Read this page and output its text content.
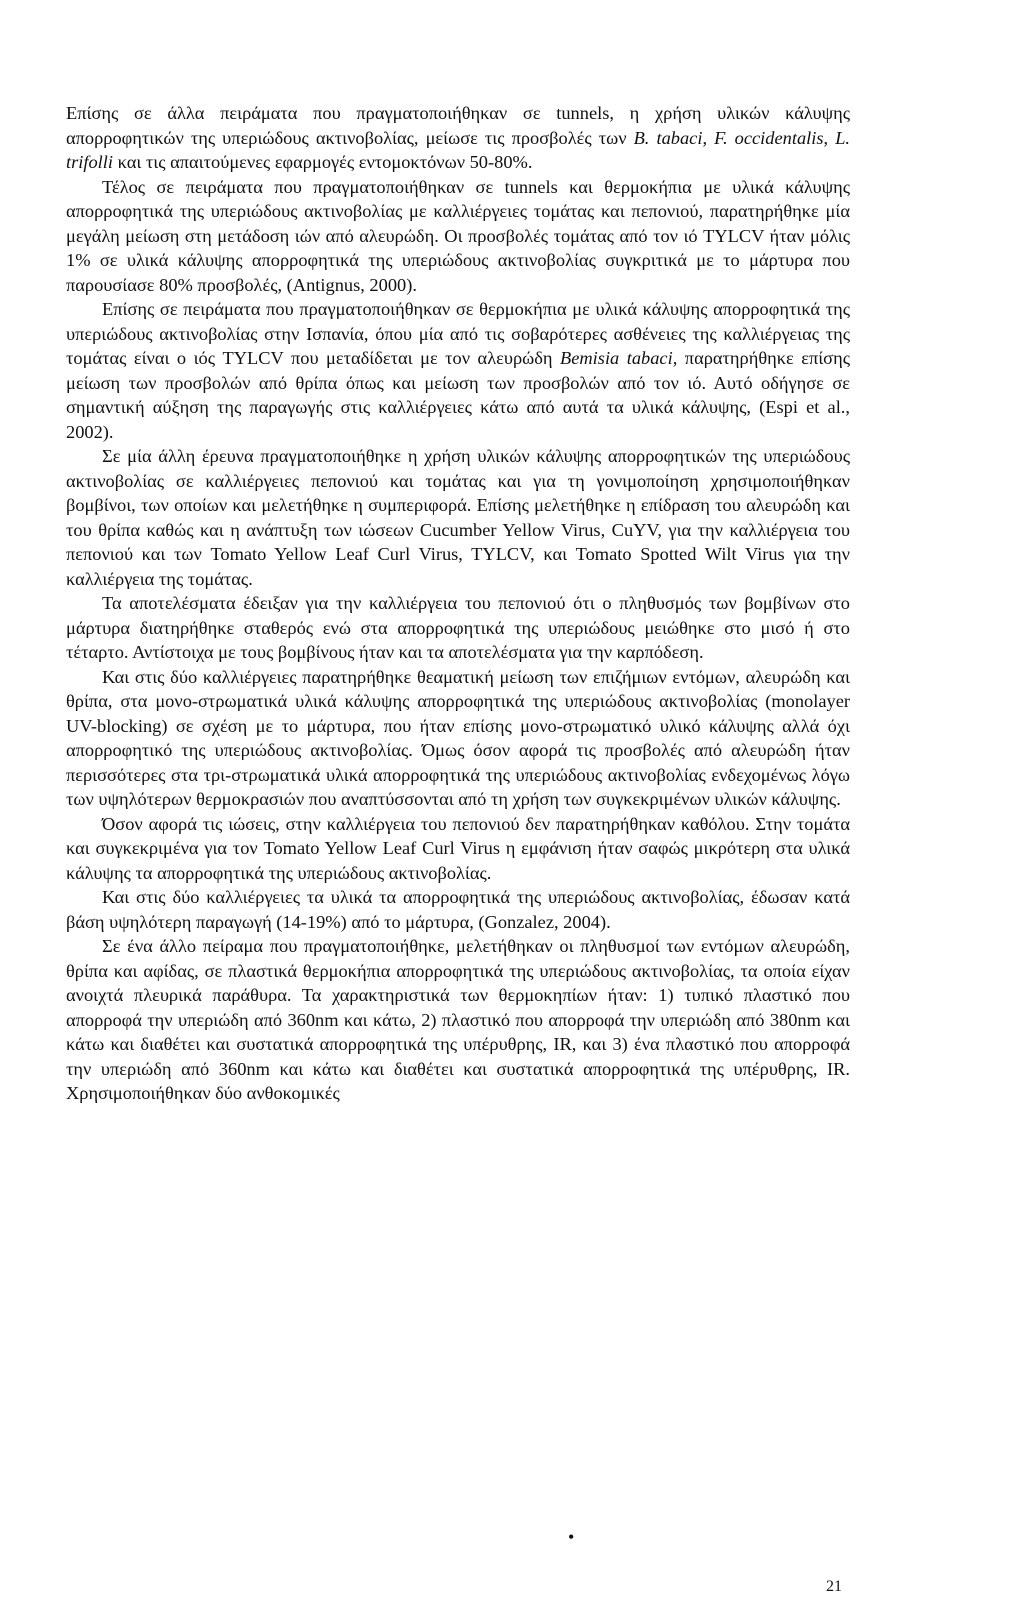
Επίσης σε άλλα πειράματα που πραγματοποιήθηκαν σε tunnels, η χρήση υλικών κάλυψης απορροφητικών της υπεριώδους ακτινοβολίας, μείωσε τις προσβολές των B. tabaci, F. occidentalis, L. trifolli και τις απαιτούμενες εφαρμογές εντομοκτόνων 50-80%.

Τέλος σε πειράματα που πραγματοποιήθηκαν σε tunnels και θερμοκήπια με υλικά κάλυψης απορροφητικά της υπεριώδους ακτινοβολίας με καλλιέργειες τομάτας και πεπονιού, παρατηρήθηκε μία μεγάλη μείωση στη μετάδοση ιών από αλευρώδη. Οι προσβολές τομάτας από τον ιό TYLCV ήταν μόλις 1% σε υλικά κάλυψης απορροφητικά της υπεριώδους ακτινοβολίας συγκριτικά με το μάρτυρα που παρουσίασε 80% προσβολές, (Antignus, 2000).

Επίσης σε πειράματα που πραγματοποιήθηκαν σε θερμοκήπια με υλικά κάλυψης απορροφητικά της υπεριώδους ακτινοβολίας στην Ισπανία, όπου μία από τις σοβαρότερες ασθένειες της καλλιέργειας της τομάτας είναι ο ιός TYLCV που μεταδίδεται με τον αλευρώδη Bemisia tabaci, παρατηρήθηκε επίσης μείωση των προσβολών από θρίπα όπως και μείωση των προσβολών από τον ιό. Αυτό οδήγησε σε σημαντική αύξηση της παραγωγής στις καλλιέργειες κάτω από αυτά τα υλικά κάλυψης, (Espi et al., 2002).

Σε μία άλλη έρευνα πραγματοποιήθηκε η χρήση υλικών κάλυψης απορροφητικών της υπεριώδους ακτινοβολίας σε καλλιέργειες πεπονιού και τομάτας και για τη γονιμοποίηση χρησιμοποιήθηκαν βομβίνοι, των οποίων και μελετήθηκε η συμπεριφορά. Επίσης μελετήθηκε η επίδραση του αλευρώδη και του θρίπα καθώς και η ανάπτυξη των ιώσεων Cucumber Yellow Virus, CuYV, για την καλλιέργεια του πεπονιού και των Tomato Yellow Leaf Curl Virus, TYLCV, και Tomato Spotted Wilt Virus για την καλλιέργεια της τομάτας.

Τα αποτελέσματα έδειξαν για την καλλιέργεια του πεπονιού ότι ο πληθυσμός των βομβίνων στο μάρτυρα διατηρήθηκε σταθερός ενώ στα απορροφητικά της υπεριώδους μειώθηκε στο μισό ή στο τέταρτο. Αντίστοιχα με τους βομβίνους ήταν και τα αποτελέσματα για την καρπόδεση.

Και στις δύο καλλιέργειες παρατηρήθηκε θεαματική μείωση των επιζήμιων εντόμων, αλευρώδη και θρίπα, στα μονο-στρωματικά υλικά κάλυψης απορροφητικά της υπεριώδους ακτινοβολίας (monolayer UV-blocking) σε σχέση με το μάρτυρα, που ήταν επίσης μονο-στρωματικό υλικό κάλυψης αλλά όχι απορροφητικό της υπεριώδους ακτινοβολίας. Όμως όσον αφορά τις προσβολές από αλευρώδη ήταν περισσότερες στα τρι-στρωματικά υλικά απορροφητικά της υπεριώδους ακτινοβολίας ενδεχομένως λόγω των υψηλότερων θερμοκρασιών που αναπτύσσονται από τη χρήση των συγκεκριμένων υλικών κάλυψης.

Όσον αφορά τις ιώσεις, στην καλλιέργεια του πεπονιού δεν παρατηρήθηκαν καθόλου. Στην τομάτα και συγκεκριμένα για τον Tomato Yellow Leaf Curl Virus η εμφάνιση ήταν σαφώς μικρότερη στα υλικά κάλυψης τα απορροφητικά της υπεριώδους ακτινοβολίας.

Και στις δύο καλλιέργειες τα υλικά τα απορροφητικά της υπεριώδους ακτινοβολίας, έδωσαν κατά βάση υψηλότερη παραγωγή (14-19%) από το μάρτυρα, (Gonzalez, 2004).

Σε ένα άλλο πείραμα που πραγματοποιήθηκε, μελετήθηκαν οι πληθυσμοί των εντόμων αλευρώδη, θρίπα και αφίδας, σε πλαστικά θερμοκήπια απορροφητικά της υπεριώδους ακτινοβολίας, τα οποία είχαν ανοιχτά πλευρικά παράθυρα. Τα χαρακτηριστικά των θερμοκηπίων ήταν: 1) τυπικό πλαστικό που απορροφά την υπεριώδη από 360nm και κάτω, 2) πλαστικό που απορροφά την υπεριώδη από 380nm και κάτω και διαθέτει και συστατικά απορροφητικά της υπέρυθρης, IR, και 3) ένα πλαστικό που απορροφά την υπεριώδη από 360nm και κάτω και διαθέτει και συστατικά απορροφητικά της υπέρυθρης, IR. Χρησιμοποιήθηκαν δύο ανθοκομικές

•
21
